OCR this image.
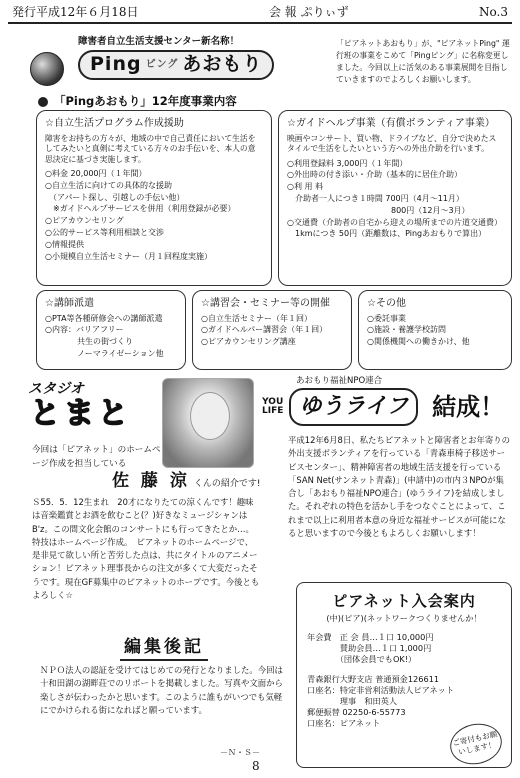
発行平成12年６月18日	会 報 ぷりぃず	No.3
障害者自立生活支援センター新名称！
Ping ピング あおもり
「ピアネットあおもり」が、"ピアネットPing" 運行班の事業をこめて「Pingピング」に名称変更しました。今回以上に活気のある事業展開を目指していきますのでよろしくお願いします。
「Pingあおもり」12年度事業内容
☆自立生活プログラム作成援助

障害をお持ちの方々が、地域の中で自己責任において生活をしてみたいと真剣に考えている方々のお手伝いを、本人の意思決定に基づき実施します。

○料金 20,000円（１年間）
○自立生活に向けての具体的な援助
　（アパート探し、引越しの手伝い他）
　※ガイドヘルプサービスを併用（利用登録が必要）
○ピアカウンセリング
○公的サービス等利用相談と交渉
○情報提供
○小規模自立生活セミナー（月１回程度実施）
☆ガイドヘルプ事業（有償ボランティア事業）

映画やコンサート、買い物、ドライブなど、自分で決めたスタイルで生活をしたいという方への外出介助を行います。

○利用登録料 3,000円（１年間）
○外出時の付き添い・介助（基本的に居住介助）
○利 用 料
　介助者一人につき１時間 700円（4月〜11月）
　　　　　　　　　　　　　800円（12月〜3月）
○交通費（介助者の自宅から迎えの場所までの片道交通費）
　1kmにつき 50円（距離数は、Pingあおもりで算出）
☆講師派遣
○PTA等各種研修会への講師派遣
○内容：バリアフリー
　　　　共生の街づくり
　　　　ノーマライゼーション他
☆講習会・セミナー等の開催
○自立生活セミナー（年１回）
○ガイドヘルパー講習会（年１回）
○ピアカウンセリング講座
☆その他
○委託事業
○施設・養護学校訪問
○関係機関への働きかけ、他
スタジオ
とまと
今回は「ピアネット」のホームページ作成を担当している
佐 藤 涼 くんの紹介です!
Ｓ55．5．12生まれ　20才になりたての涼くんです！趣味は音楽鑑賞とお酒を飲むこと(？)好きなミュージシャンはB'z。この間文化会館のコンサートにも行ってきたとか…。特技はホームページ作成。　ピアネットのホームページで、是非見て欲しい所と苦労した点は、共にタイトルのアニメーション！ピアネット理事長からの注文が多くて大変だったそうです。現在GF募集中のピアネットのホープです。今後ともよろしく☆
あおもり福祉NPO連合
YOU
LIFE ゆうライフ	結成！
平成12年6月8日、私たちピアネットと障害者とお年寄りの外出支援ボランティアを行っている「青森車椅子移送サービスセンター」、精神障害者の地域生活支援を行っている「SAN Net(サンネット青森)」(申請中)の市内３NPOが集合し「あおもり福祉NPO連合」(ゆうライフ)を結成しました。それぞれの特色を活かし手をつなぐことによって、これまで以上に利用者本意の身近な福祉サービスが可能になると思いますので今後ともよろしくお願いします！
編集後記
ＮＰＯ法人の認証を受けてはじめての発行となりました。今回は十和田湖の湖畔荘でのリポートを掲載しました。写真や文面から楽しさが伝わったかと思います。このように誰もがいつでも気軽にでかけられる街になればと願っています。
－Ｎ・Ｓ－
ピアネット入会案内
(中)(ピア)(ネットワークつくりませんか！
年会費　正 会 員…１口 10,000円
　　　　賛助会員…１口 1,000円
　　　　（団体会員でもOK!）
青森銀行大野支店 普通預金126611
口座名：特定非営利活動法人ピアネット
　　　　理事　和田英人
郵便振替 02250-6-55773
口座名：ピアネット
ご寄付もお願いします！
8
